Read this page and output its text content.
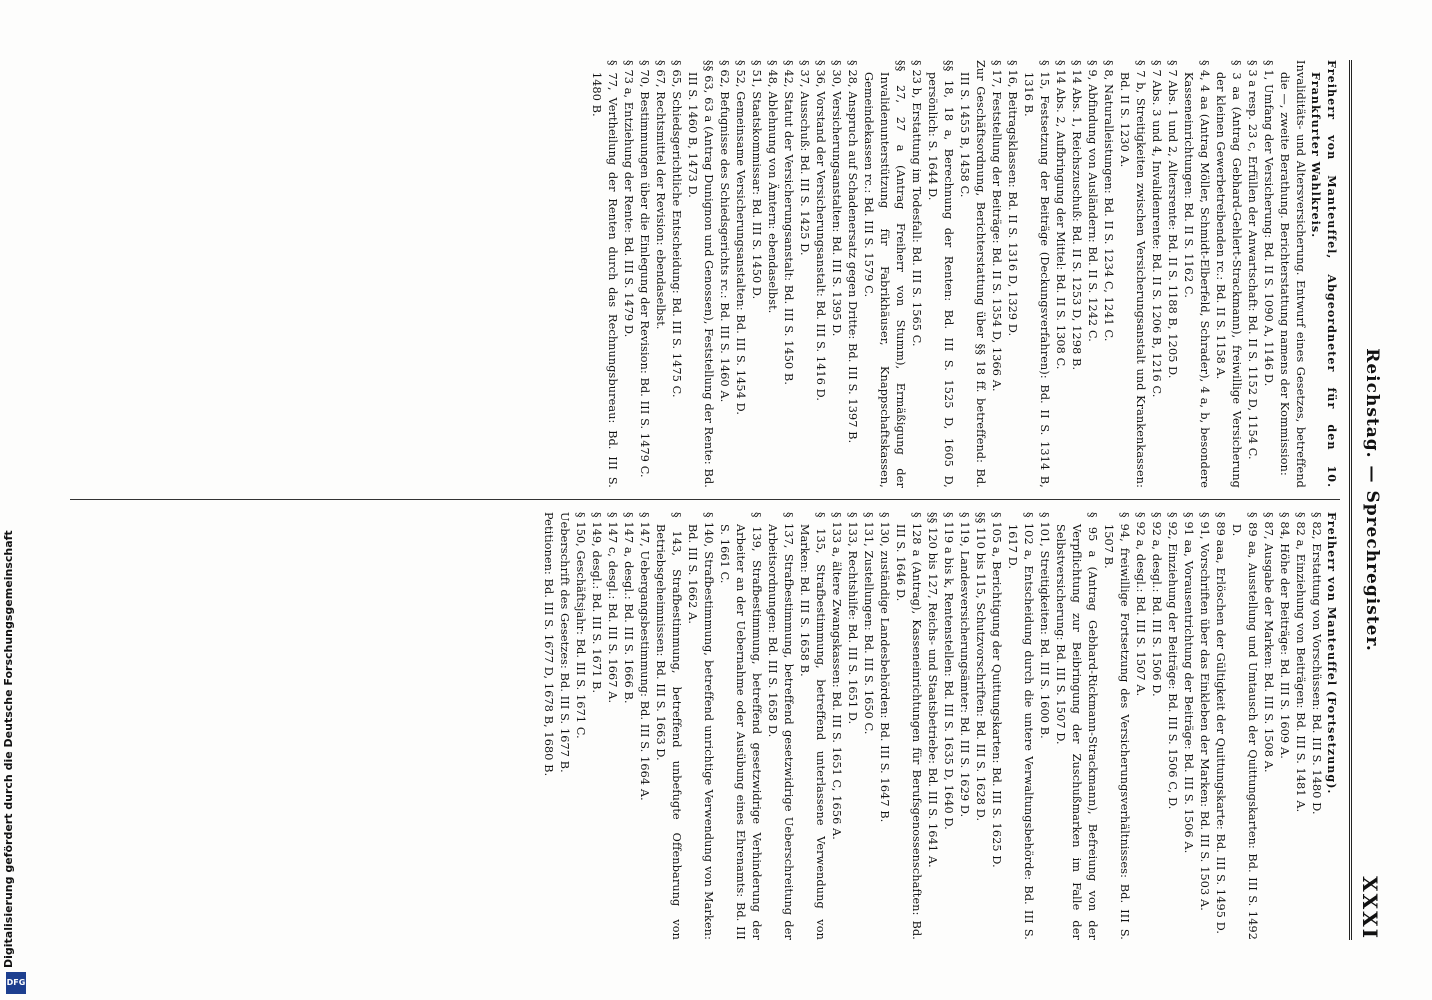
Reichstag. — Sprechregister.
XXXI

Freiherr von Manteuffel, Abgeordneter für den 10. Frankfurter Wahlkreis.

Invaliditäts- und Altersversicherung. Entwurf eines Gesetzes, betreffend die —, zweite Berathung. Berichterstattung namens der Kommission:

§ 1, Umfang der Versicherung: Bd. II S. 1090 A, 1146 D.

§ 3 a resp. 23 c, Erfüllen der Anwartschaft: Bd. II S. 1152 D, 1154 C.

§ 3 aa (Antrag Gebhard-Gehlert-Strackmann), freiwillige Versicherung der kleinen Gewerbetreibenden rc.: Bd. II S. 1158 A.

§ 4, 4 aa (Antrag Möller, Schmidt-Elberfeld, Schrader), 4 a, b, besondere Kasseneinrichtungen: Bd. II S. 1162 C.

§ 7 Abs. 1 und 2, Altersrente: Bd. II S. 1188 B, 1205 D.

§ 7 Abs. 3 und 4, Invalidenrente: Bd. II S. 1206 B, 1216 C.

§ 7 b, Streitigkeiten zwischen Versicherungsanstalt und Krankenkassen: Bd. II S. 1230 A.

§ 8, Naturalleistungen: Bd. II S. 1234 C, 1241 C.

§ 9, Abfindung von Ausländern: Bd. II S. 1242 C.

§ 14 Abs. 1, Reichszuschuß: Bd. II S. 1253 D, 1298 B.

§ 14 Abs. 2, Aufbringung der Mittel: Bd. II S. 1308 C.

§ 15, Festsetzung der Beiträge (Deckungsverfahren): Bd. II S. 1314 B, 1316 B.

§ 16, Beitragsklassen: Bd. II S. 1316 D, 1329 D.

§ 17, Feststellung der Beiträge: Bd. II S. 1354 D, 1366 A.

Zur Geschäftsordnung, Berichterstattung über §§ 18 ff. betreffend: Bd. III S. 1455 B, 1458 C.

§§ 18, 18 a, Berechnung der Renten: Bd. III S. 1525 D, 1605 D, persönlich: S. 1644 D.

§ 23 b, Erstattung im Todesfall: Bd. III S. 1565 C.

§§ 27, 27 a (Antrag Freiherr von Stumm), Ermäßigung der Invalidenunterstützung für Fabrikhäuser, Knappschaftskassen, Gemeindekassen rc.: Bd. III S. 1579 C.

§ 28, Anspruch auf Schadenersatz gegen Dritte: Bd. III S. 1397 B.

§ 30, Versicherungsanstalten: Bd. III S. 1395 D.

§ 36, Vorstand der Versicherungsanstalt: Bd. III S. 1416 D.

§ 37, Ausschuß: Bd. III S. 1425 D.

§ 42, Statut der Versicherungsanstalt: Bd. III S. 1450 B.

§ 48, Ablehnung von Ämtern: ebendaselbst.

§ 51, Staatskommissar: Bd. III S. 1450 D.

§ 52, Gemeinsame Versicherungsanstalten: Bd. III S. 1454 D.

§ 62, Befugnisse des Schiedsgerichts rc.: Bd. III S. 1460 A.

§§ 63, 63 a (Antrag Dunignon und Genossen), Feststellung der Rente: Bd. III S. 1460 B, 1473 D.

§ 65, Schiedsgerichtliche Entscheidung: Bd. III S. 1475 C.

§ 67, Rechtsmittel der Revision: ebendaselbst.

§ 70, Bestimmungen über die Einlegung der Revision: Bd. III S. 1479 C.

§ 73 a, Entziehung der Rente: Bd. III S. 1479 D.

§ 77, Vertheilung der Renten durch das Rechnungsbureau: Bd. III S. 1480 B.

Freiherr von Manteuffel (Fortsetzung).

§ 82, Erstattung von Vorschüssen: Bd. III S. 1480 D.

§ 82 a, Einziehung von Beiträgen: Bd. III S. 1481 A.

§ 84, Höhe der Beiträge: Bd. III S. 1609 A.

§ 87, Ausgabe der Marken: Bd. III S. 1508 A.

§ 89 aa, Ausstellung und Umtausch der Quittungskarten: Bd. III S. 1492 D.

§ 89 aaa, Erlöschen der Gültigkeit der Quittungskarte: Bd. III S. 1495 D.

§ 91, Vorschriften über das Einkleben der Marken: Bd. III S. 1503 A.

§ 91 aa, Vorausentrichtung der Beiträge: Bd. III S. 1506 A.

§ 92, Einziehung der Beiträge: Bd. III S. 1506 C, D.

§ 92 a, desgl.: Bd. III S. 1506 D.

§ 92 a, desgl.: Bd. III S. 1507 A.

§ 94, freiwillige Fortsetzung des Versicherungsverhältnisses: Bd. III S. 1507 B.

§ 95 a (Antrag Gebhard-Rickmann-Strackmann), Befreiung von der Verpflichtung zur Beibringung der Zuschußmarken im Falle der Selbstversicherung: Bd. III S. 1507 D.

§ 101, Streitigkeiten: Bd. III S. 1600 B.

§ 102 a, Entscheidung durch die untere Verwaltungsbehörde: Bd. III S. 1617 D.

§ 105 a, Berichtigung der Quittungskarten: Bd. III S. 1625 D.

§§ 110 bis 115, Schutzvorschriften: Bd. III S. 1628 D.

§ 119, Landesversicherungsämter: Bd. III S. 1629 D.

§ 119 a bis k, Rentenstellen: Bd. III S. 1635 D, 1640 D.

§§ 120 bis 127, Reichs- und Staatsbetriebe: Bd. III S. 1641 A.

§ 128 a (Antrag), Kasseneinrichtungen für Berufsgenossenschaften: Bd. III S. 1646 D.

§ 130, zuständige Landesbehörden: Bd. III S. 1647 B.

§ 131, Zustellungen: Bd. III S. 1650 C.

§ 133, Rechtshilfe: Bd. III S. 1651 D.

§ 133 a, ältere Zwangskassen: Bd. III S. 1651 C, 1656 A.

§ 135, Strafbestimmung, betreffend unterlassene Verwendung von Marken: Bd. III S. 1658 B.

§ 137, Strafbestimmung, betreffend gesetzwidrige Ueberschreitung der Arbeitsordnungen: Bd. III S. 1658 D.

§ 139, Strafbestimmung, betreffend gesetzwidrige Verhinderung der Arbeiter an der Uebernahme oder Ausübung eines Ehrenamts: Bd. III S. 1661 C.

§ 140, Strafbestimmung, betreffend unrichtige Verwendung von Marken: Bd. III S. 1662 A.

§ 143, Strafbestimmung, betreffend unbefugte Offenbarung von Betriebsgeheimnissen: Bd. III S. 1663 D.

§ 147, Uebergangsbestimmung: Bd. III S. 1664 A.

§ 147 a, desgl.: Bd. III S. 1666 B.

§ 147 c, desgl.: Bd. III S. 1667 A.

§ 149, desgl.: Bd. III S. 1671 B.

§ 150, Geschäftsjahr: Bd. III S. 1671 C.

Ueberschrift des Gesetzes: Bd. III S. 1677 B.

Petitionen: Bd. III S. 1677 D, 1678 B, 1680 B.

Digitalisierung gefördert durch die Deutsche Forschungsgemeinschaft
DFG
